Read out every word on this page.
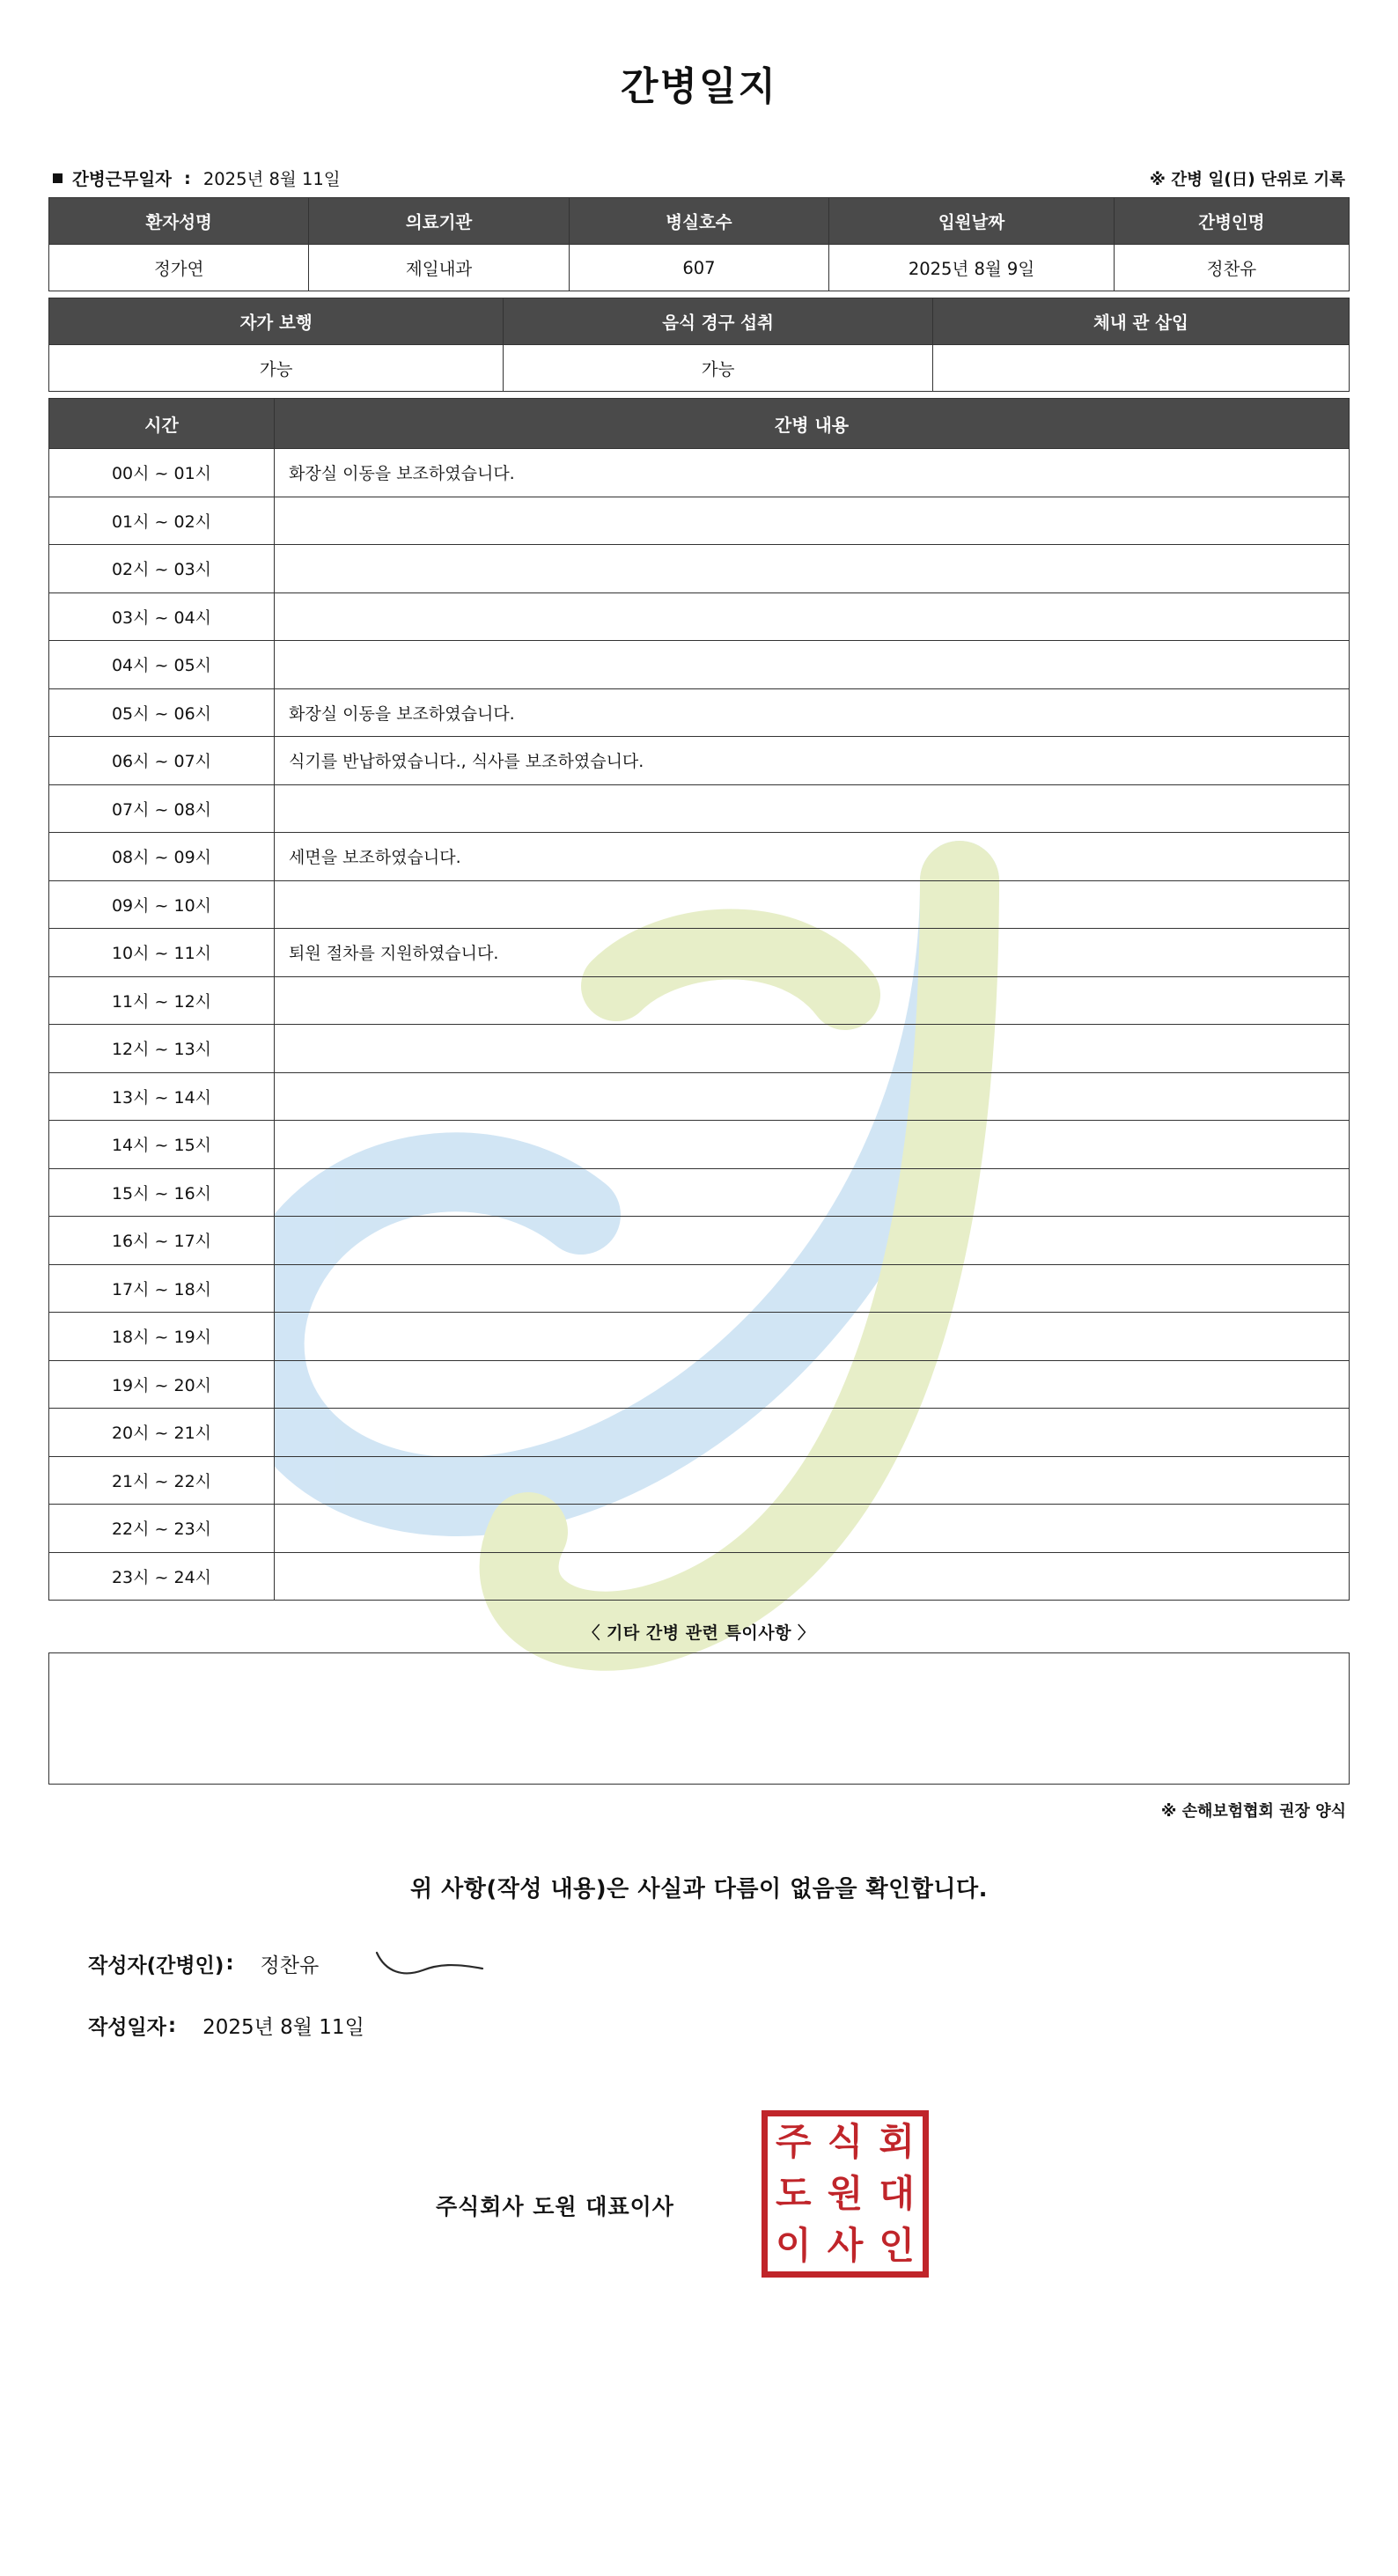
간병일지
간병근무일자 : 2025년 8월 11일	※ 간병 일(日) 단위로 기록
환자성명	의료기관	병실호수	입원날짜	간병인명
정가연	제일내과	607	2025년 8월 9일	정찬유
자가 보행	음식 경구 섭취	체내 관 삽입
가능	가능	
시간	간병 내용
00시 ~ 01시	화장실 이동을 보조하였습니다.
01시 ~ 02시	
02시 ~ 03시	
03시 ~ 04시	
04시 ~ 05시	
05시 ~ 06시	화장실 이동을 보조하였습니다.
06시 ~ 07시	식기를 반납하였습니다., 식사를 보조하였습니다.
07시 ~ 08시	
08시 ~ 09시	세면을 보조하였습니다.
09시 ~ 10시	
10시 ~ 11시	퇴원 절차를 지원하였습니다.
11시 ~ 12시	
12시 ~ 13시	
13시 ~ 14시	
14시 ~ 15시	
15시 ~ 16시	
16시 ~ 17시	
17시 ~ 18시	
18시 ~ 19시	
19시 ~ 20시	
20시 ~ 21시	
21시 ~ 22시	
22시 ~ 23시	
23시 ~ 24시	
〈 기타 간병 관련 특이사항 〉
※ 손해보험협회 권장 양식
위 사항(작성 내용)은 사실과 다름이 없음을 확인합니다.
작성자(간병인) :	정찬유
작성일자 :	2025년 8월 11일
주식회사 도원 대표이사
주 식 회
도 원 대
이 사 인
